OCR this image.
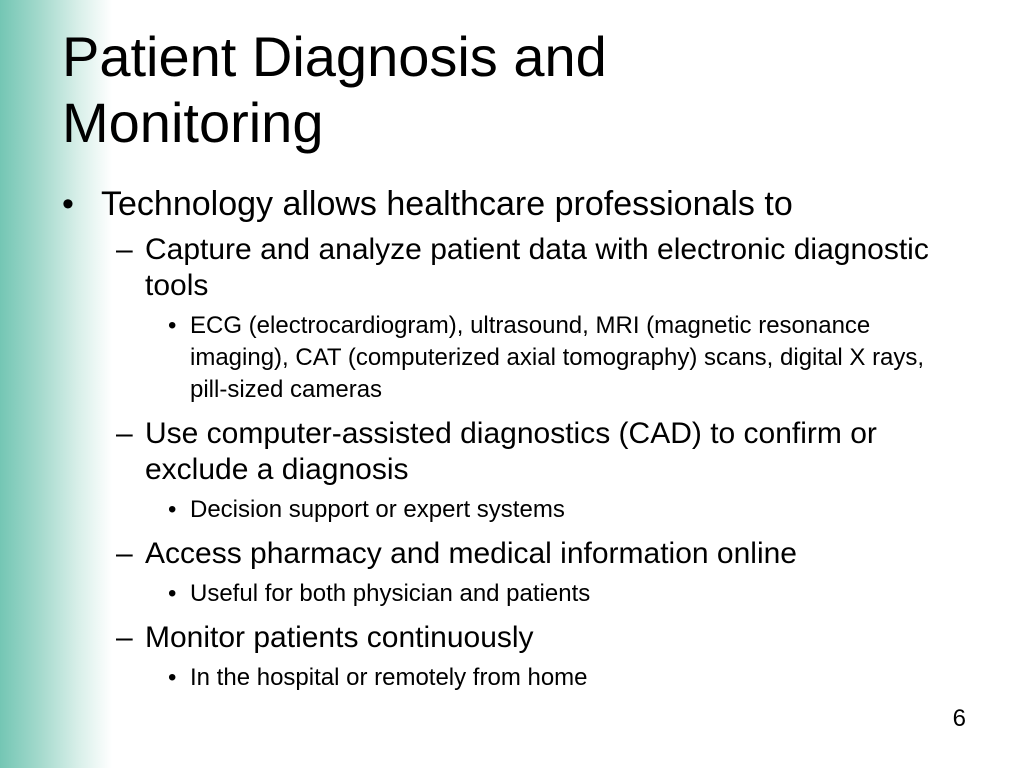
Patient Diagnosis and
Monitoring
• Technology allows healthcare professionals to
– Capture and analyze patient data with electronic diagnostic tools
• ECG (electrocardiogram), ultrasound, MRI (magnetic resonance imaging), CAT (computerized axial tomography) scans, digital X rays, pill-sized cameras
– Use computer-assisted diagnostics (CAD) to confirm or exclude a diagnosis
• Decision support or expert systems
– Access pharmacy and medical information online
• Useful for both physician and patients
– Monitor patients continuously
• In the hospital or remotely from home
6
